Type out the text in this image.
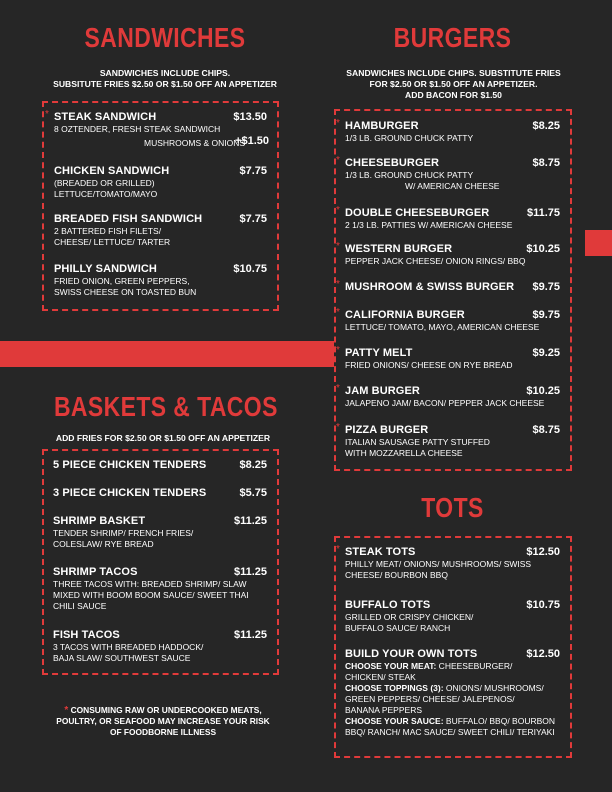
SANDWICHES

SANDWICHES INCLUDE CHIPS.
SUBSITUTE FRIES $2.50 OR $1.50 OFF AN APPETIZER

* STEAK SANDWICH	$13.50
8 OZTENDER, FRESH STEAK SANDWICH
MUSHROOMS & ONIONS
+$1.50
CHICKEN SANDWICH	$7.75
(BREADED OR GRILLED)
LETTUCE/TOMATO/MAYO
BREADED FISH SANDWICH	$7.75
2 BATTERED FISH FILETS/
CHEESE/ LETTUCE/ TARTER
PHILLY SANDWICH	$10.75
FRIED ONION, GREEN PEPPERS,
SWISS CHEESE ON TOASTED BUN
BASKETS & TACOS

ADD FRIES FOR $2.50 OR $1.50 OFF AN APPETIZER

5 PIECE CHICKEN TENDERS	$8.25
3 PIECE CHICKEN TENDERS	$5.75
SHRIMP BASKET	$11.25
TENDER SHRIMP/ FRENCH FRIES/
COLESLAW/ RYE BREAD
SHRIMP TACOS	$11.25
THREE TACOS WITH: BREADED SHRIMP/ SLAW
MIXED WITH BOOM BOOM SAUCE/ SWEET THAI
CHILI SAUCE
FISH TACOS	$11.25
3 TACOS WITH BREADED HADDOCK/
BAJA SLAW/ SOUTHWEST SAUCE

* CONSUMING RAW OR UNDERCOOKED MEATS,
POULTRY, OR SEAFOOD MAY INCREASE YOUR RISK
OF FOODBORNE ILLNESS

BURGERS

SANDWICHES INCLUDE CHIPS. SUBSTITUTE FRIES
FOR $2.50 OR $1.50 OFF AN APPETIZER.
ADD BACON FOR $1.50

* HAMBURGER	$8.25
1/3 LB. GROUND CHUCK PATTY
* CHEESEBURGER	$8.75
1/3 LB. GROUND CHUCK PATTY
W/ AMERICAN CHEESE
* DOUBLE CHEESEBURGER	$11.75
2 1/3 LB. PATTIES W/ AMERICAN CHEESE
* WESTERN BURGER	$10.25
PEPPER JACK CHEESE/ ONION RINGS/ BBQ
* MUSHROOM & SWISS BURGER	$9.75
* CALIFORNIA BURGER	$9.75
LETTUCE/ TOMATO, MAYO, AMERICAN CHEESE
* PATTY MELT	$9.25
FRIED ONIONS/ CHEESE ON RYE BREAD
* JAM BURGER	$10.25
JALAPENO JAM/ BACON/ PEPPER JACK CHEESE
* PIZZA BURGER	$8.75
ITALIAN SAUSAGE PATTY STUFFED
WITH MOZZARELLA CHEESE
TOTS
* STEAK TOTS	$12.50
PHILLY MEAT/ ONIONS/ MUSHROOMS/ SWISS
CHEESE/ BOURBON BBQ
BUFFALO TOTS	$10.75
GRILLED OR CRISPY CHICKEN/
BUFFALO SAUCE/ RANCH
BUILD YOUR OWN TOTS	$12.50
CHOOSE YOUR MEAT: CHEESEBURGER/
CHICKEN/ STEAK
CHOOSE TOPPINGS (3): ONIONS/ MUSHROOMS/
GREEN PEPPERS/ CHEESE/ JALEPENOS/
BANANA PEPPERS
CHOOSE YOUR SAUCE: BUFFALO/ BBQ/ BOURBON
BBQ/ RANCH/ MAC SAUCE/ SWEET CHILI/ TERIYAKI
